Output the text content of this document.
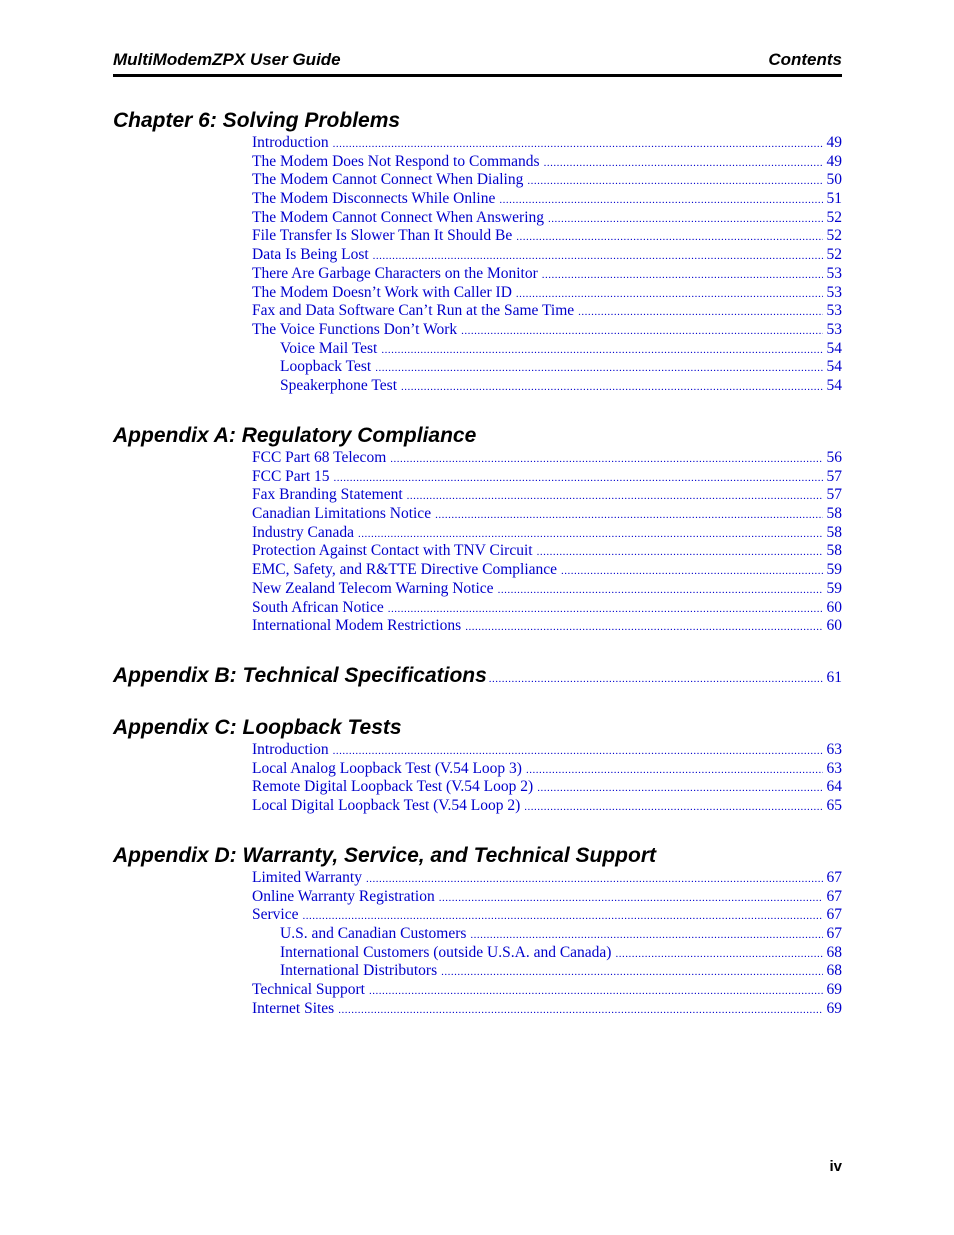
MultiModemZPX User Guide	Contents
Chapter 6: Solving Problems
Introduction .....	49
The Modem Does Not Respond to Commands .....	49
The Modem Cannot Connect When Dialing .....	50
The Modem Disconnects While Online .....	51
The Modem Cannot Connect When Answering .....	52
File Transfer Is Slower Than It Should Be .....	52
Data Is Being Lost .....	52
There Are Garbage Characters on the Monitor .....	53
The Modem Doesn’t Work with Caller ID .....	53
Fax and Data Software Can’t Run at the Same Time .....	53
The Voice Functions Don’t Work .....	53
Voice Mail Test .....	54
Loopback Test .....	54
Speakerphone Test .....	54
Appendix A: Regulatory Compliance
FCC Part 68 Telecom .....	56
FCC Part 15 .....	57
Fax Branding Statement .....	57
Canadian Limitations Notice .....	58
Industry Canada .....	58
Protection Against Contact with TNV Circuit .....	58
EMC, Safety, and R&TTE Directive Compliance .....	59
New Zealand Telecom Warning Notice .....	59
South African Notice .....	60
International Modem Restrictions .....	60
Appendix B: Technical Specifications .....	61
Appendix C: Loopback Tests
Introduction .....	63
Local Analog Loopback Test (V.54 Loop 3) .....	63
Remote Digital Loopback Test (V.54 Loop 2) .....	64
Local Digital Loopback Test (V.54 Loop 2) .....	65
Appendix D: Warranty, Service, and Technical Support
Limited Warranty .....	67
Online Warranty Registration .....	67
Service .....	67
U.S. and Canadian Customers .....	67
International Customers (outside U.S.A. and Canada) .....	68
International Distributors .....	68
Technical Support .....	69
Internet Sites .....	69
iv
